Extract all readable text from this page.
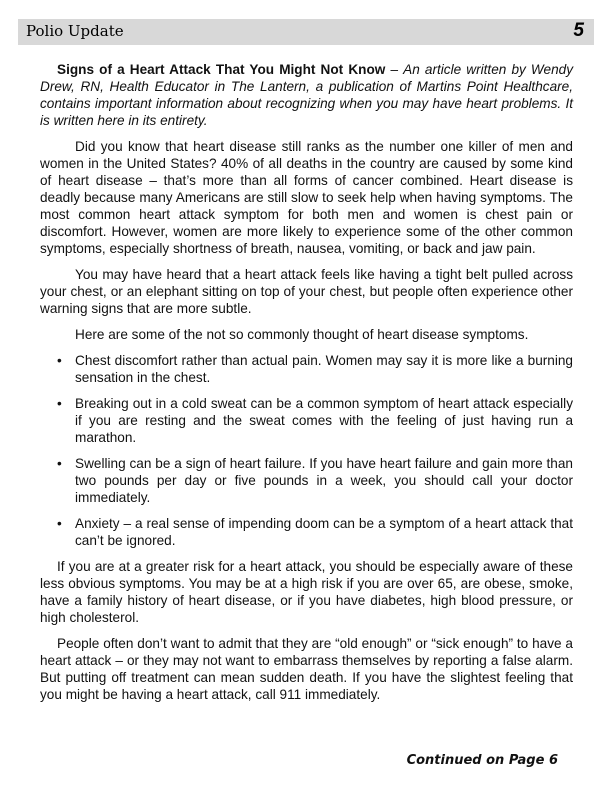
Polio Update	5

Signs of a Heart Attack That You Might Not Know – An article written by Wendy Drew, RN, Health Educator in The Lantern, a publication of Martins Point Healthcare, contains important information about recognizing when you may have heart problems. It is written here in its entirety.

Did you know that heart disease still ranks as the number one killer of men and women in the United States? 40% of all deaths in the country are caused by some kind of heart disease – that’s more than all forms of cancer combined. Heart disease is deadly because many Americans are still slow to seek help when having symptoms. The most common heart attack symptom for both men and women is chest pain or discomfort. However, women are more likely to experience some of the other common symptoms, especially shortness of breath, nausea, vomiting, or back and jaw pain.

You may have heard that a heart attack feels like having a tight belt pulled across your chest, or an elephant sitting on top of your chest, but people often experience other warning signs that are more subtle.

Here are some of the not so commonly thought of heart disease symptoms.

• Chest discomfort rather than actual pain. Women may say it is more like a burning sensation in the chest.
• Breaking out in a cold sweat can be a common symptom of heart attack especially if you are resting and the sweat comes with the feeling of just having run a marathon.
• Swelling can be a sign of heart failure. If you have heart failure and gain more than two pounds per day or five pounds in a week, you should call your doctor immediately.
• Anxiety – a real sense of impending doom can be a symptom of a heart attack that can’t be ignored.

If you are at a greater risk for a heart attack, you should be especially aware of these less obvious symptoms. You may be at a high risk if you are over 65, are obese, smoke, have a family history of heart disease, or if you have diabetes, high blood pressure, or high cholesterol.

People often don’t want to admit that they are “old enough” or “sick enough” to have a heart attack – or they may not want to embarrass themselves by reporting a false alarm. But putting off treatment can mean sudden death. If you have the slightest feeling that you might be having a heart attack, call 911 immediately.

Continued on Page 6
